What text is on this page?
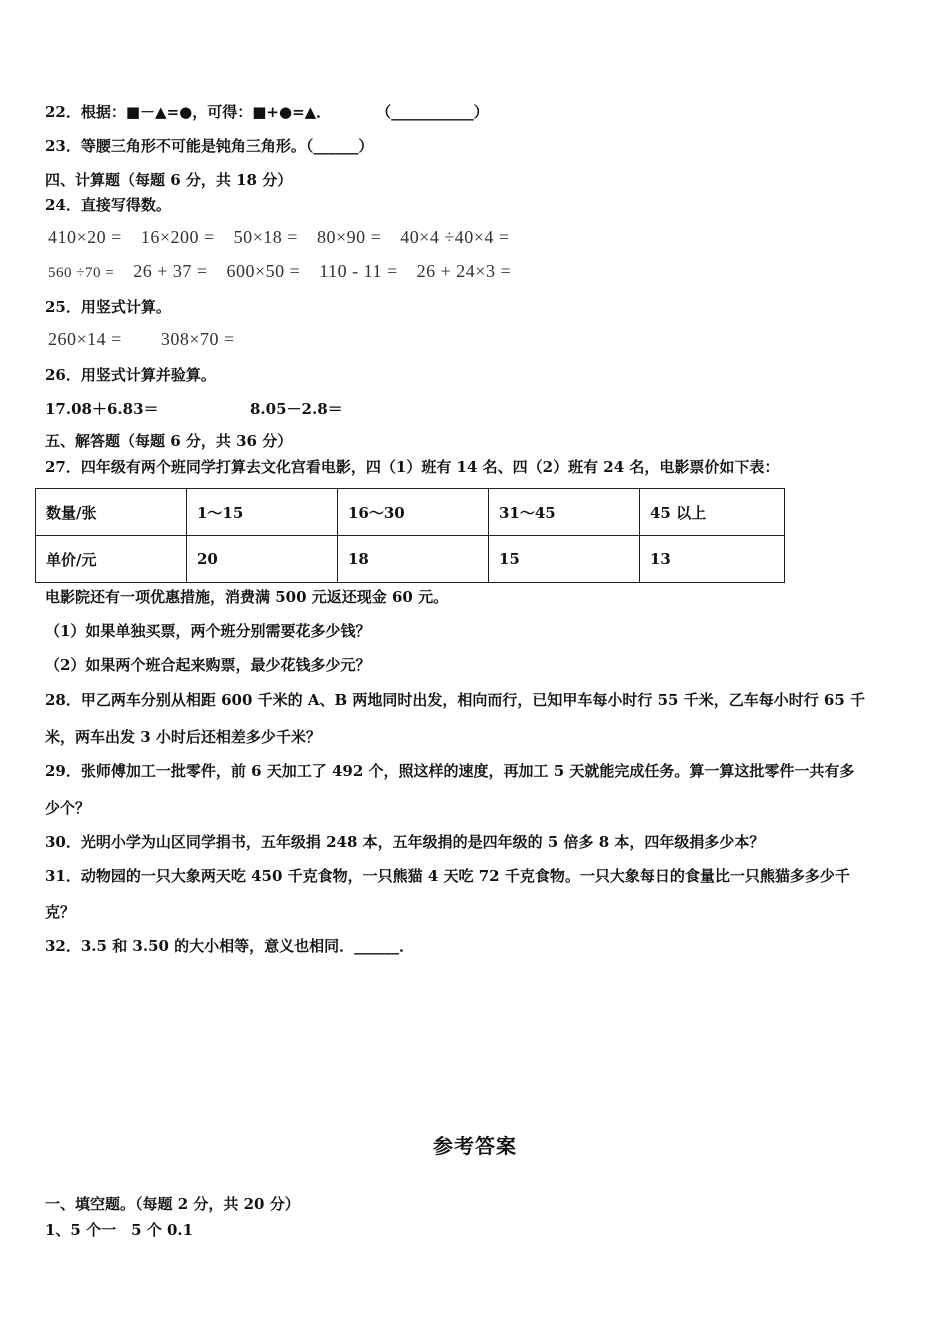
22．根据：■－▲=●，可得：■+●=▲．　　　　（___________）
23．等腰三角形不可能是钝角三角形。（______）
四、计算题（每题 6 分，共 18 分）
24．直接写得数。
410×20 = 16×200 = 50×18 = 80×90 = 40×4 ÷40×4 =
560 ÷70 = 26 + 37 = 600×50 = 110 - 11 = 26 + 24×3 =
25．用竖式计算。
260×14 = 308×70 =
26．用竖式计算并验算。
17.08＋6.83＝	8.05－2.8＝
五、解答题（每题 6 分，共 36 分）
27．四年级有两个班同学打算去文化宫看电影，四（1）班有 14 名、四（2）班有 24 名，电影票价如下表：
数量/张	1～15	16～30	31～45	45 以上
单价/元	20	18	15	13
电影院还有一项优惠措施，消费满 500 元返还现金 60 元。
（1）如果单独买票，两个班分别需要花多少钱？
（2）如果两个班合起来购票，最少花钱多少元？
28．甲乙两车分别从相距 600 千米的 A、B 两地同时出发，相向而行，已知甲车每小时行 55 千米，乙车每小时行 65 千
米，两车出发 3 小时后还相差多少千米？
29．张师傅加工一批零件，前 6 天加工了 492 个，照这样的速度，再加工 5 天就能完成任务。算一算这批零件一共有多
少个？
30．光明小学为山区同学捐书，五年级捐 248 本，五年级捐的是四年级的 5 倍多 8 本，四年级捐多少本？
31．动物园的一只大象两天吃 450 千克食物，一只熊猫 4 天吃 72 千克食物。一只大象每日的食量比一只熊猫多多少千
克？
32．3.5 和 3.50 的大小相等，意义也相同．______．
参考答案
一、填空题。（每题 2 分，共 20 分）
1、5 个一　5 个 0.1
